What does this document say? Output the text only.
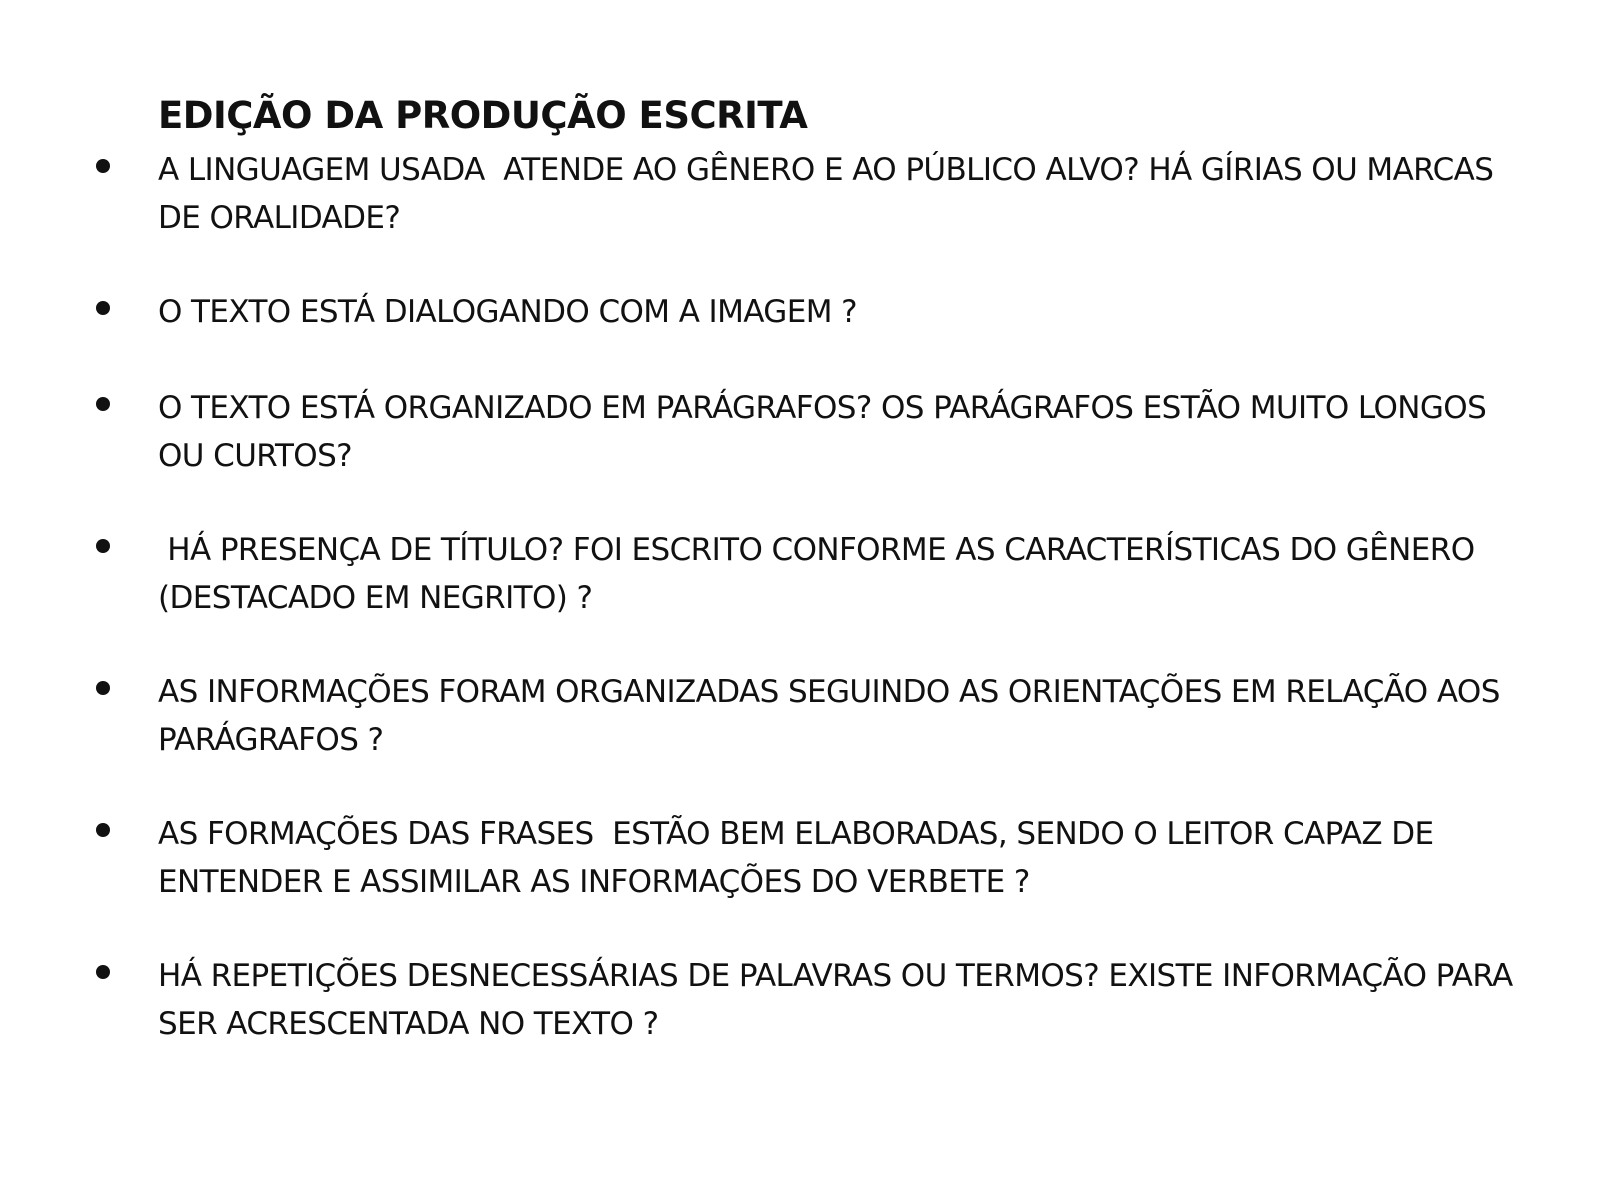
EDIÇÃO DA PRODUÇÃO ESCRITA
A LINGUAGEM USADA  ATENDE AO GÊNERO E AO PÚBLICO ALVO? HÁ GÍRIAS OU MARCAS DE ORALIDADE?
O TEXTO ESTÁ DIALOGANDO COM A IMAGEM ?
O TEXTO ESTÁ ORGANIZADO EM PARÁGRAFOS? OS PARÁGRAFOS ESTÃO MUITO LONGOS OU CURTOS?
HÁ PRESENÇA DE TÍTULO? FOI ESCRITO CONFORME AS CARACTERÍSTICAS DO GÊNERO (DESTACADO EM NEGRITO) ?
AS INFORMAÇÕES FORAM ORGANIZADAS SEGUINDO AS ORIENTAÇÕES EM RELAÇÃO AOS PARÁGRAFOS ?
AS FORMAÇÕES DAS FRASES  ESTÃO BEM ELABORADAS, SENDO O LEITOR CAPAZ DE ENTENDER E ASSIMILAR AS INFORMAÇÕES DO VERBETE ?
HÁ REPETIÇÕES DESNECESSÁRIAS DE PALAVRAS OU TERMOS? EXISTE INFORMAÇÃO PARA SER ACRESCENTADA NO TEXTO ?
